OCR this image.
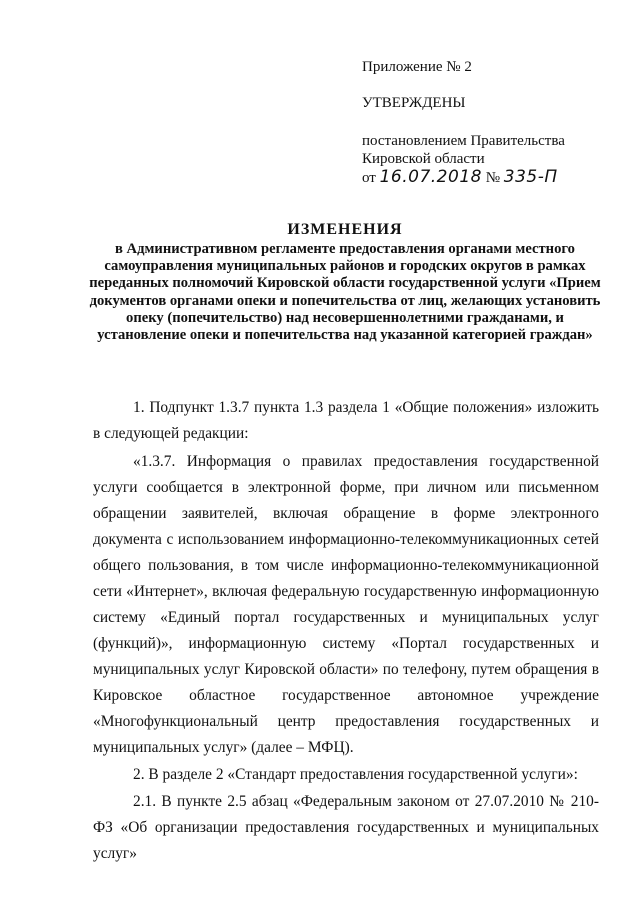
Приложение № 2
УТВЕРЖДЕНЫ
постановлением Правительства
Кировской области
от 16.07.2018 № 335-П
ИЗМЕНЕНИЯ
в Административном регламенте предоставления органами местного самоуправления муниципальных районов и городских округов в рамках переданных полномочий Кировской области государственной услуги «Прием документов органами опеки и попечительства от лиц, желающих установить опеку (попечительство) над несовершеннолетними гражданами, и установление опеки и попечительства над указанной категорией граждан»

1. Подпункт 1.3.7 пункта 1.3 раздела 1 «Общие положения» изложить в следующей редакции:

«1.3.7. Информация о правилах предоставления государственной услуги сообщается в электронной форме, при личном или письменном обращении заявителей, включая обращение в форме электронного документа с использованием информационно-телекоммуникационных сетей общего пользования, в том числе информационно-телекоммуникационной сети «Интернет», включая федеральную государственную информационную систему «Единый портал государственных и муниципальных услуг (функций)», информационную систему «Портал государственных и муниципальных услуг Кировской области» по телефону, путем обращения в Кировское областное государственное автономное учреждение «Многофункциональный центр предоставления государственных и муниципальных услуг» (далее – МФЦ).

2. В разделе 2 «Стандарт предоставления государственной услуги»:

2.1. В пункте 2.5 абзац «Федеральным законом от 27.07.2010 № 210-ФЗ «Об организации предоставления государственных и муниципальных услуг»
